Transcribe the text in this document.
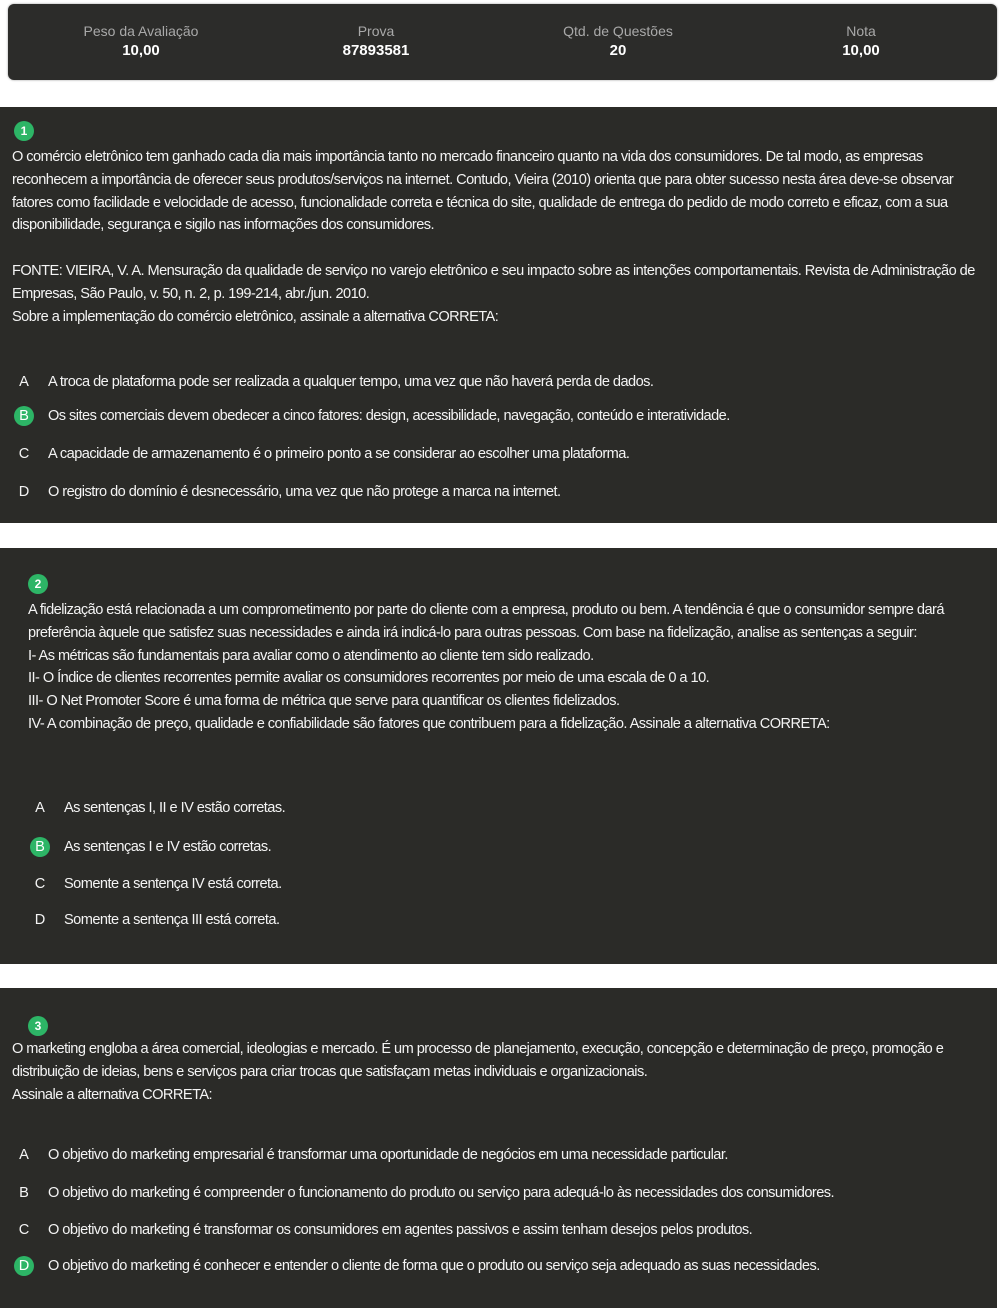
Peso da Avaliação
10,00
Prova
87893581
Qtd. de Questões
20
Nota
10,00
1

O comércio eletrônico tem ganhado cada dia mais importância tanto no mercado financeiro quanto na vida dos consumidores. De tal modo, as empresas reconhecem a importância de oferecer seus produtos/serviços na internet. Contudo, Vieira (2010) orienta que para obter sucesso nesta área deve-se observar fatores como facilidade e velocidade de acesso, funcionalidade correta e técnica do site, qualidade de entrega do pedido de modo correto e eficaz, com a sua disponibilidade, segurança e sigilo nas informações dos consumidores.

FONTE: VIEIRA, V. A. Mensuração da qualidade de serviço no varejo eletrônico e seu impacto sobre as intenções comportamentais. Revista de Administração de Empresas, São Paulo, v. 50, n. 2, p. 199-214, abr./jun. 2010.

Sobre a implementação do comércio eletrônico, assinale a alternativa CORRETA:

A A troca de plataforma pode ser realizada a qualquer tempo, uma vez que não haverá perda de dados.
B Os sites comerciais devem obedecer a cinco fatores: design, acessibilidade, navegação, conteúdo e interatividade.
C A capacidade de armazenamento é o primeiro ponto a se considerar ao escolher uma plataforma.
D O registro do domínio é desnecessário, uma vez que não protege a marca na internet.
2

A fidelização está relacionada a um comprometimento por parte do cliente com a empresa, produto ou bem. A tendência é que o consumidor sempre dará preferência àquele que satisfez suas necessidades e ainda irá indicá-lo para outras pessoas. Com base na fidelização, analise as sentenças a seguir:

I- As métricas são fundamentais para avaliar como o atendimento ao cliente tem sido realizado.

II- O Índice de clientes recorrentes permite avaliar os consumidores recorrentes por meio de uma escala de 0 a 10.

III- O Net Promoter Score é uma forma de métrica que serve para quantificar os clientes fidelizados.

IV- A combinação de preço, qualidade e confiabilidade são fatores que contribuem para a fidelização. Assinale a alternativa CORRETA:

A As sentenças I, II e IV estão corretas.
B As sentenças I e IV estão corretas.
C Somente a sentença IV está correta.
D Somente a sentença III está correta.
3

O marketing engloba a área comercial, ideologias e mercado. É um processo de planejamento, execução, concepção e determinação de preço, promoção e distribuição de ideias, bens e serviços para criar trocas que satisfaçam metas individuais e organizacionais.

Assinale a alternativa CORRETA:

A O objetivo do marketing empresarial é transformar uma oportunidade de negócios em uma necessidade particular.
B O objetivo do marketing é compreender o funcionamento do produto ou serviço para adequá-lo às necessidades dos consumidores.
C O objetivo do marketing é transformar os consumidores em agentes passivos e assim tenham desejos pelos produtos.
D O objetivo do marketing é conhecer e entender o cliente de forma que o produto ou serviço seja adequado as suas necessidades.
